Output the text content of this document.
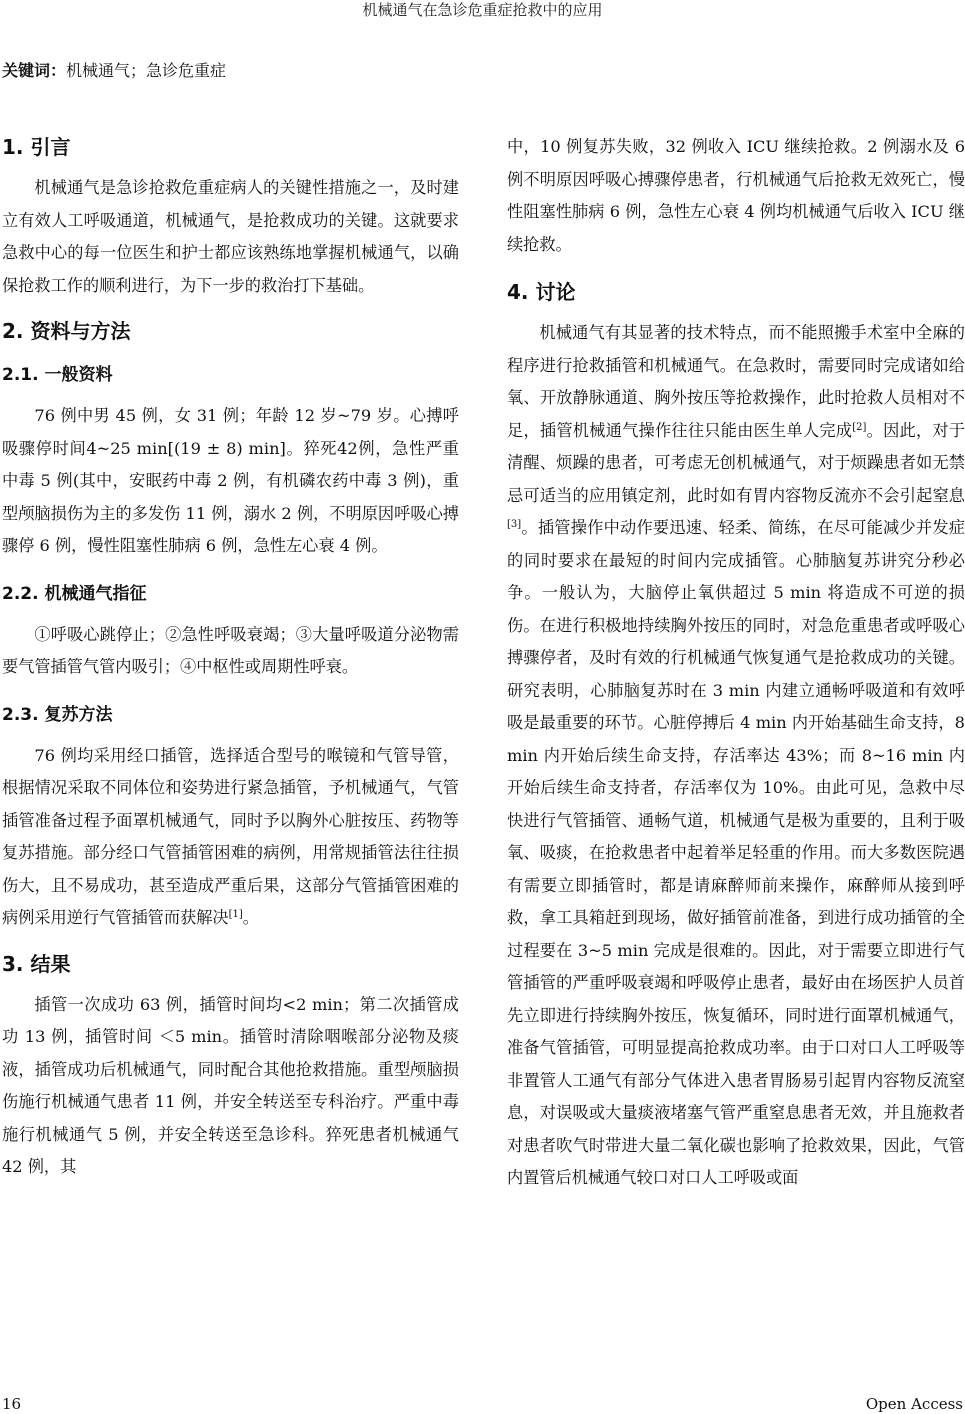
机械通气在急诊危重症抢救中的应用
关键词：机械通气；急诊危重症
1. 引言

机械通气是急诊抢救危重症病人的关键性措施之一，及时建立有效人工呼吸通道，机械通气，是抢救成功的关键。这就要求急救中心的每一位医生和护士都应该熟练地掌握机械通气，以确保抢救工作的顺利进行，为下一步的救治打下基础。

2. 资料与方法
2.1. 一般资料

76 例中男 45 例，女 31 例；年龄 12 岁~79 岁。心搏呼吸骤停时间4~25 min[(19 ± 8) min]。猝死42例，急性严重中毒 5 例(其中，安眠药中毒 2 例，有机磷农药中毒 3 例)，重型颅脑损伤为主的多发伤 11 例，溺水 2 例，不明原因呼吸心搏骤停 6 例，慢性阻塞性肺病 6 例，急性左心衰 4 例。

2.2. 机械通气指征

①呼吸心跳停止；②急性呼吸衰竭；③大量呼吸道分泌物需要气管插管气管内吸引；④中枢性或周期性呼衰。

2.3. 复苏方法

76 例均采用经口插管，选择适合型号的喉镜和气管导管，根据情况采取不同体位和姿势进行紧急插管，予机械通气，气管插管准备过程予面罩机械通气，同时予以胸外心脏按压、药物等复苏措施。部分经口气管插管困难的病例，用常规插管法往往损伤大，且不易成功，甚至造成严重后果，这部分气管插管困难的病例采用逆行气管插管而获解决[1]。

3. 结果

插管一次成功 63 例，插管时间均<2 min；第二次插管成功 13 例，插管时间 ＜5 min。插管时清除咽喉部分泌物及痰液，插管成功后机械通气，同时配合其他抢救措施。重型颅脑损伤施行机械通气患者 11 例，并安全转送至专科治疗。严重中毒施行机械通气 5 例，并安全转送至急诊科。猝死患者机械通气 42 例，其

中，10 例复苏失败，32 例收入 ICU 继续抢救。2 例溺水及 6 例不明原因呼吸心搏骤停患者，行机械通气后抢救无效死亡，慢性阻塞性肺病 6 例，急性左心衰 4 例均机械通气后收入 ICU 继续抢救。

4. 讨论

机械通气有其显著的技术特点，而不能照搬手术室中全麻的程序进行抢救插管和机械通气。在急救时，需要同时完成诸如给氧、开放静脉通道、胸外按压等抢救操作，此时抢救人员相对不足，插管机械通气操作往往只能由医生单人完成[2]。因此，对于清醒、烦躁的患者，可考虑无创机械通气，对于烦躁患者如无禁忌可适当的应用镇定剂，此时如有胃内容物反流亦不会引起窒息[3]。插管操作中动作要迅速、轻柔、简练，在尽可能减少并发症的同时要求在最短的时间内完成插管。心肺脑复苏讲究分秒必争。一般认为，大脑停止氧供超过 5 min 将造成不可逆的损伤。在进行积极地持续胸外按压的同时，对急危重患者或呼吸心搏骤停者，及时有效的行机械通气恢复通气是抢救成功的关键。研究表明，心肺脑复苏时在 3 min 内建立通畅呼吸道和有效呼吸是最重要的环节。心脏停搏后 4 min 内开始基础生命支持，8 min 内开始后续生命支持，存活率达 43%；而 8~16 min 内开始后续生命支持者，存活率仅为 10%。由此可见，急救中尽快进行气管插管、通畅气道，机械通气是极为重要的，且利于吸氧、吸痰，在抢救患者中起着举足轻重的作用。而大多数医院遇有需要立即插管时，都是请麻醉师前来操作，麻醉师从接到呼救，拿工具箱赶到现场，做好插管前准备，到进行成功插管的全过程要在 3~5 min 完成是很难的。因此，对于需要立即进行气管插管的严重呼吸衰竭和呼吸停止患者，最好由在场医护人员首先立即进行持续胸外按压，恢复循环，同时进行面罩机械通气，准备气管插管，可明显提高抢救成功率。由于口对口人工呼吸等非置管人工通气有部分气体进入患者胃肠易引起胃内容物反流窒息，对误吸或大量痰液堵塞气管严重窒息患者无效，并且施救者对患者吹气时带进大量二氧化碳也影响了抢救效果，因此，气管内置管后机械通气较口对口人工呼吸或面

16	Open Access
